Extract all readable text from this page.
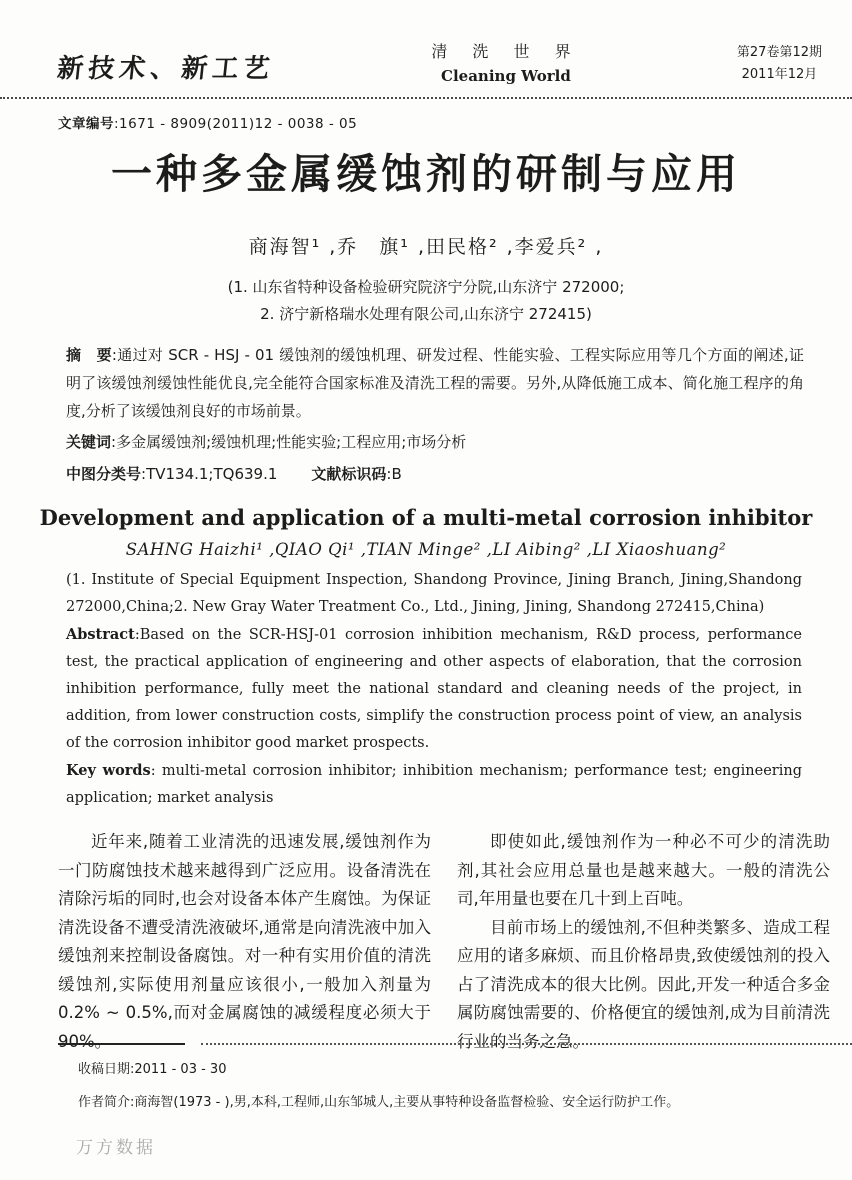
新技术、新工艺
清 洗 世 界
Cleaning World
第27卷第12期
2011年12月
文章编号:1671 - 8909(2011)12 - 0038 - 05
一种多金属缓蚀剂的研制与应用
商海智¹ ,乔　旗¹ ,田民格² ,李爱兵² ,
(1. 山东省特种设备检验研究院济宁分院,山东济宁 272000;
2. 济宁新格瑞水处理有限公司,山东济宁 272415)

摘　要:通过对 SCR - HSJ - 01 缓蚀剂的缓蚀机理、研发过程、性能实验、工程实际应用等几个方面的阐述,证明了该缓蚀剂缓蚀性能优良,完全能符合国家标准及清洗工程的需要。另外,从降低施工成本、简化施工程序的角度,分析了该缓蚀剂良好的市场前景。

关键词:多金属缓蚀剂;缓蚀机理;性能实验;工程应用;市场分析

中图分类号:TV134.1;TQ639.1 文献标识码:B

Development and application of a multi-metal corrosion inhibitor
SAHNG Haizhi¹ ,QIAO Qi¹ ,TIAN Minge² ,LI Aibing² ,LI Xiaoshuang²

(1. Institute of Special Equipment Inspection, Shandong Province, Jining Branch, Jining,Shandong 272000,China;2. New Gray Water Treatment Co., Ltd., Jining, Jining, Shandong 272415,China)

Abstract:Based on the SCR-HSJ-01 corrosion inhibition mechanism, R&D process, performance test, the practical application of engineering and other aspects of elaboration, that the corrosion inhibition performance, fully meet the national standard and cleaning needs of the project, in addition, from lower construction costs, simplify the construction process point of view, an analysis of the corrosion inhibitor good market prospects.

Key words: multi-metal corrosion inhibitor; inhibition mechanism; performance test; engineering application; market analysis

近年来,随着工业清洗的迅速发展,缓蚀剂作为一门防腐蚀技术越来越得到广泛应用。设备清洗在清除污垢的同时,也会对设备本体产生腐蚀。为保证清洗设备不遭受清洗液破坏,通常是向清洗液中加入缓蚀剂来控制设备腐蚀。对一种有实用价值的清洗缓蚀剂,实际使用剂量应该很小,一般加入剂量为 0.2% ~ 0.5%,而对金属腐蚀的减缓程度必须大于 90%。

即使如此,缓蚀剂作为一种必不可少的清洗助剂,其社会应用总量也是越来越大。一般的清洗公司,年用量也要在几十到上百吨。

目前市场上的缓蚀剂,不但种类繁多、造成工程应用的诸多麻烦、而且价格昂贵,致使缓蚀剂的投入占了清洗成本的很大比例。因此,开发一种适合多金属防腐蚀需要的、价格便宜的缓蚀剂,成为目前清洗行业的当务之急。

收稿日期:2011 - 03 - 30
作者简介:商海智(1973 - ),男,本科,工程师,山东邹城人,主要从事特种设备监督检验、安全运行防护工作。
万方数据
